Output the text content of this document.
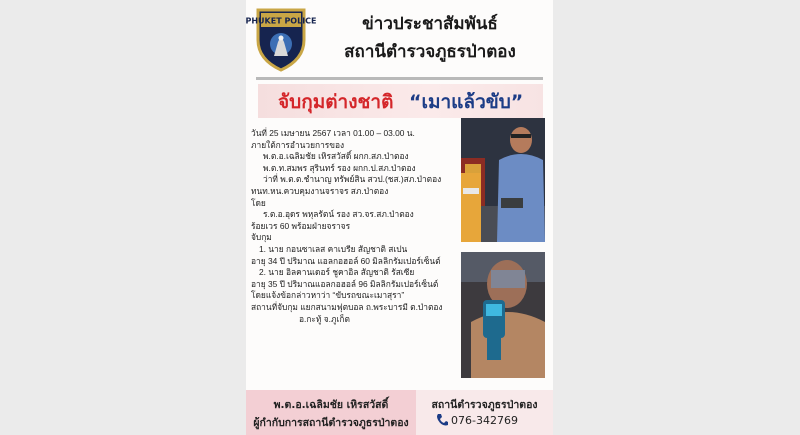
PHUKET POLICE	ข่าวประชาสัมพันธ์
สถานีตำรวจภูธรป่าตอง
จับกุมต่างชาติ “เมาแล้วขับ”
วันที่ 25 เมษายน 2567 เวลา 01.00 – 03.00 น.
ภายใต้การอำนวยการของ
พ.ต.อ.เฉลิมชัย เหิรสวัสดิ์ ผกก.สภ.ป่าตอง
พ.ต.ท.สมพร สุรินทร์ รอง ผกก.ป.สภ.ป่าตอง
ว่าที่ พ.ต.ต.ชำนาญ ทรัพย์สิน สวป.(ชส.)สภ.ป่าตอง
ทนท.หน.ควบคุมงานจราจร สภ.ป่าตอง
โดย
ร.ต.อ.อุดร พหุลรัตน์ รอง สว.จร.สภ.ป่าตอง
ร้อยเวร 60 พร้อมฝ่ายจราจร
จับกุม
1. นาย กอนซาเลส คาเบรีย สัญชาติ สเปน
อายุ 34 ปี ปริมาณ แอลกอฮอล์ 60 มิลลิกรัมเปอร์เซ็นต์
2. นาย อิลคานเดอร์ ชูคาอิล สัญชาติ รัสเซีย
อายุ 35 ปี ปริมาณแอลกอฮอล์ 96 มิลลิกรัมเปอร์เซ็นต์
โดยแจ้งข้อกล่าวหาว่า “ขับรถขณะเมาสุรา”
สถานที่จับกุม แยกสนามฟุตบอล ถ.พระบารมี ต.ป่าตอง
อ.กะทู้ จ.ภูเก็ต
พ.ต.อ.เฉลิมชัย เหิรสวัสดิ์
ผู้กำกับการสถานีตำรวจภูธรป่าตอง
สถานีตำรวจภูธรป่าตอง
076-342769
